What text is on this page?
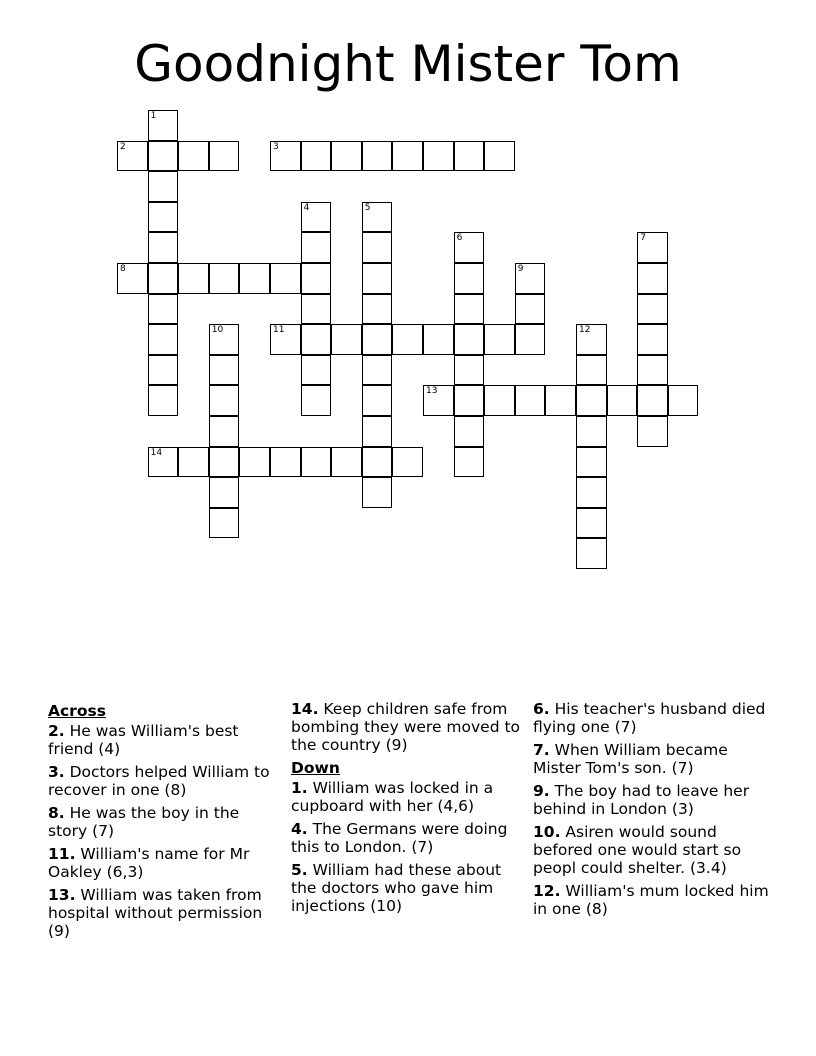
Goodnight Mister Tom
1
2	3
4	5
6	7
8	9
10	11	12
13
14
Across
2. He was William's best friend (4)
3. Doctors helped William to recover in one (8)
8. He was the boy in the story (7)
11. William's name for Mr Oakley (6,3)
13. William was taken from hospital without permission (9)
14. Keep children safe from bombing they were moved to the country (9)
Down
1. William was locked in a cupboard with her (4,6)
4. The Germans were doing this to London. (7)
5. William had these about the doctors who gave him injections (10)
6. His teacher's husband died flying one (7)
7. When William became Mister Tom's son. (7)
9. The boy had to leave her behind in London (3)
10. Asiren would sound befored one would start so peopl could shelter. (3.4)
12. William's mum locked him in one (8)
